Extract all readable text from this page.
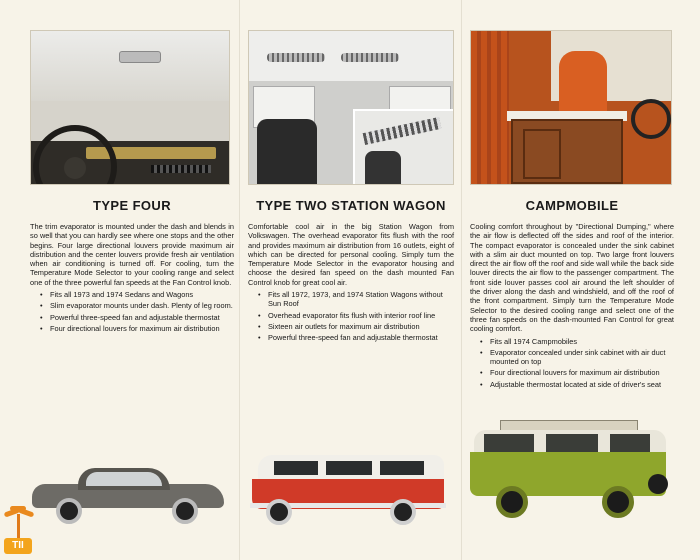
TYPE FOUR

The trim evaporator is mounted under the dash and blends in so well that you can hardly see where one stops and the other begins. Four large directional louvers provide maximum air distribution and the center louvers provide fresh air ventilation when air conditioning is turned off. For cooling, turn the Temperature Mode Selector to your cooling range and select one of the three powerful fan speeds at the Fan Control knob.

• Fits all 1973 and 1974 Sedans and Wagons
• Slim evaporator mounts under dash. Plenty of leg room.
• Powerful three-speed fan and adjustable thermostat
• Four directional louvers for maximum air distribution
TYPE TWO STATION WAGON

Comfortable cool air in the big Station Wagon from Volkswagen. The overhead evaporator fits flush with the roof and provides maximum air distribution from 16 outlets, eight of which can be directed for personal cooling. Simply turn the Temperature Mode Selector in the evaporator housing and choose the desired fan speed on the dash mounted Fan Control knob for great cool air.

• Fits all 1972, 1973, and 1974 Station Wagons without Sun Roof
• Overhead evaporator fits flush with interior roof line
• Sixteen air outlets for maximum air distribution
• Powerful three-speed fan and adjustable thermostat
CAMPMOBILE

Cooling comfort throughout by "Directional Dumping," where the air flow is deflected off the sides and roof of the interior. The compact evaporator is concealed under the sink cabinet with a slim air duct mounted on top. Two large front louvers direct the air flow off the roof and side wall while the back side louver directs the air flow to the passenger compartment. The front side louver passes cool air around the left shoulder of the driver along the dash and windshield, and off the roof of the front compartment. Simply turn the Temperature Mode Selector to the desired cooling range and select one of the three fan speeds on the dash-mounted Fan Control for great cooling comfort.

• Fits all 1974 Campmobiles
• Evaporator concealed under sink cabinet with air duct mounted on top
• Four directional louvers for maximum air distribution
• Adjustable thermostat located at side of driver's seat
TII
